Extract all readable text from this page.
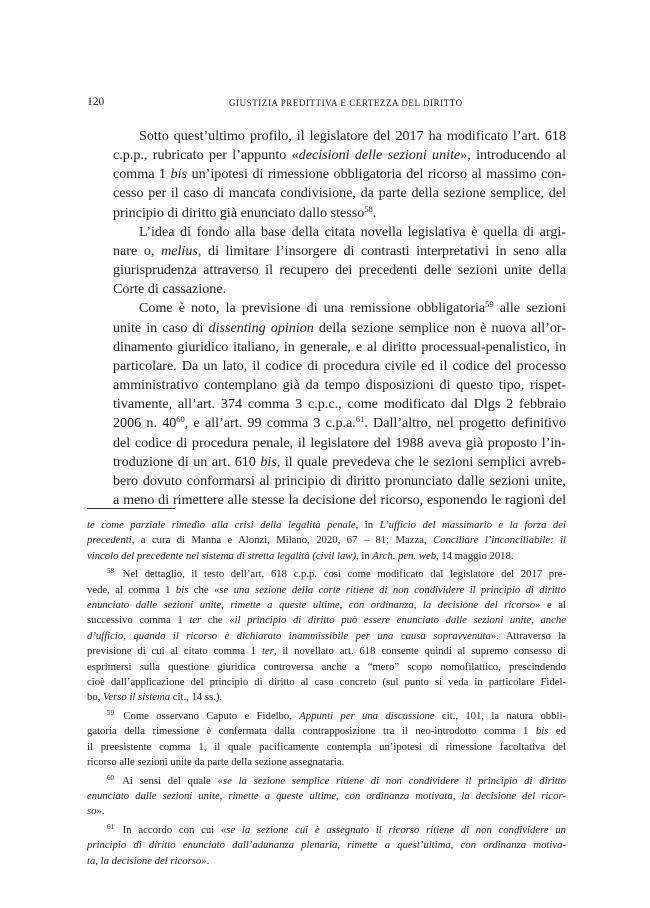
120	GIUSTIZIA PREDITTIVA E CERTEZZA DEL DIRITTO

Sotto quest’ultimo profilo, il legislatore del 2017 ha modificato l’art. 618
c.p.p., rubricato per l’appunto «decisioni delle sezioni unite», introducendo al
comma 1 bis un’ipotesi di rimessione obbligatoria del ricorso al massimo con-
cesso per il caso di mancata condivisione, da parte della sezione semplice, del
principio di diritto già enunciato dallo stesso$^{58}$.

L’idea di fondo alla base della citata novella legislativa è quella di argi-
nare o, melius, di limitare l’insorgere di contrasti interpretativi in seno alla
giurisprudenza attraverso il recupero dei precedenti delle sezioni unite della
Corte di cassazione.

Come è noto, la previsione di una remissione obbligatoria$^{59}$ alle sezioni
unite in caso di dissenting opinion della sezione semplice non è nuova all’or-
dinamento giuridico italiano, in generale, e al diritto processual-penalistico, in
particolare. Da un lato, il codice di procedura civile ed il codice del processo
amministrativo contemplano già da tempo disposizioni di questo tipo, rispet-
tivamente, all’art. 374 comma 3 c.p.c., come modificato dal Dlgs 2 febbraio
2006 n. 40$^{60}$, e all’art. 99 comma 3 c.p.a.$^{61}$. Dall’altro, nel progetto definitivo
del codice di procedura penale, il legislatore del 1988 aveva già proposto l’in-
troduzione di un art. 610 bis, il quale prevedeva che le sezioni semplici avreb-
bero dovuto conformarsi al principio di diritto pronunciato dalle sezioni unite,
a meno di rimettere alle stesse la decisione del ricorso, esponendo le ragioni del

te come parziale rimedio alla crisi della legalità penale, in L’ufficio del massimario e la forza dei
precedenti, a cura di Manna e Alonzi, Milano, 2020, 67 – 81; Mazza, Conciliare l’inconciliabile: il
vincolo del precedente nel sistema di stretta legalità (civil law), in Arch. pen. web, 14 maggio 2018.
$^{58}$ Nel dettaglio, il testo dell’art. 618 c.p.p. così come modificato dal legislatore del 2017 pre-
vede, al comma 1 bis che «se una sezione della corte ritiene di non condividere il principio di diritto
enunciato dalle sezioni unite, rimette a queste ultime, con ordinanza, la decisione del ricorso» e al
successivo comma 1 ter che «il principio di diritto può essere enunciato dalle sezioni unite, anche
d’ufficio, quando il ricorso è dichiarato inammissibile per una causa sopravvenuta». Attraverso la
previsione di cui al citato comma 1 ter, il novellato art. 618 consente quindi al supremo consesso di
esprimersi sulla questione giuridica controversa anche a “mero” scopo nomofilattico, prescindendo
cioè dall’applicazione del principio di diritto al caso concreto (sul punto si veda in particolare Fidel-
bo, Verso il sistema cit., 14 ss.).
$^{59}$ Come osservano Caputo e Fidelbo, Appunti per una discussione cit., 101, la natura obbli-
gatoria della rimessione è confermata dalla contrapposizione tra il neo-introdotto comma 1 bis ed
il preesistente comma 1, il quale pacificamente contempla un’ipotesi di rimessione facoltativa del
ricorso alle sezioni unite da parte della sezione assegnataria.
$^{60}$ Ai sensi del quale «se la sezione semplice ritiene di non condividere il principio di diritto
enunciato dalle sezioni unite, rimette a queste ultime, con ordinanza motivata, la decisione del ricor-
so».
$^{61}$ In accordo con cui «se la sezione cui è assegnato il ricorso ritiene di non condividere un
principio di diritto enunciato dall’adunanza plenaria, rimette a quest’ultima, con ordinanza motiva-
ta, la decisione del ricorso».
